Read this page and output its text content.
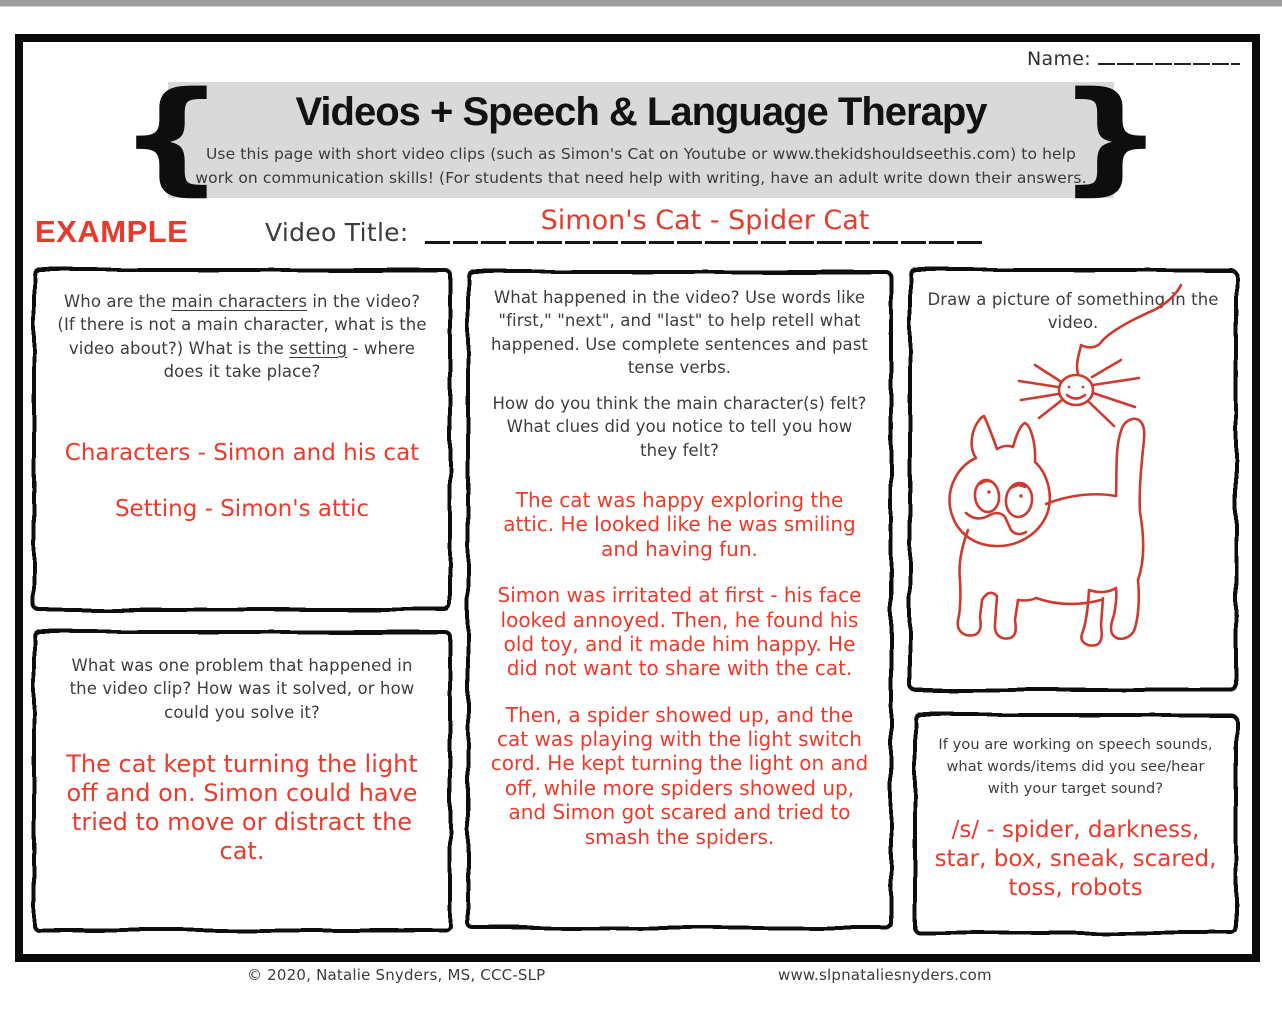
Name:
{	}
Videos + Speech & Language Therapy
Use this page with short video clips (such as Simon's Cat on Youtube or www.thekidshouldseethis.com) to help
work on communication skills! (For students that need help with writing, have an adult write down their answers.
EXAMPLE	Video Title:	Simon's Cat - Spider Cat
Who are the main characters in the video? (If there is not a main character, what is the video about?) What is the setting - where does it take place?
Characters - Simon and his cat
Setting - Simon's attic
What was one problem that happened in the video clip? How was it solved, or how could you solve it?
The cat kept turning the light off and on. Simon could have tried to move or distract the cat.
What happened in the video? Use words like "first," "next", and "last" to help retell what happened. Use complete sentences and past tense verbs.
How do you think the main character(s) felt? What clues did you notice to tell you how they felt?
The cat was happy exploring the attic. He looked like he was smiling and having fun.
Simon was irritated at first - his face looked annoyed. Then, he found his old toy, and it made him happy. He did not want to share with the cat.
Then, a spider showed up, and the cat was playing with the light switch cord. He kept turning the light on and off, while more spiders showed up, and Simon got scared and tried to smash the spiders.
Draw a picture of something in the video.
If you are working on speech sounds, what words/items did you see/hear with your target sound?
/s/ - spider, darkness, star, box, sneak, scared, toss, robots
© 2020, Natalie Snyders, MS, CCC-SLP	www.slpnataliesnyders.com
